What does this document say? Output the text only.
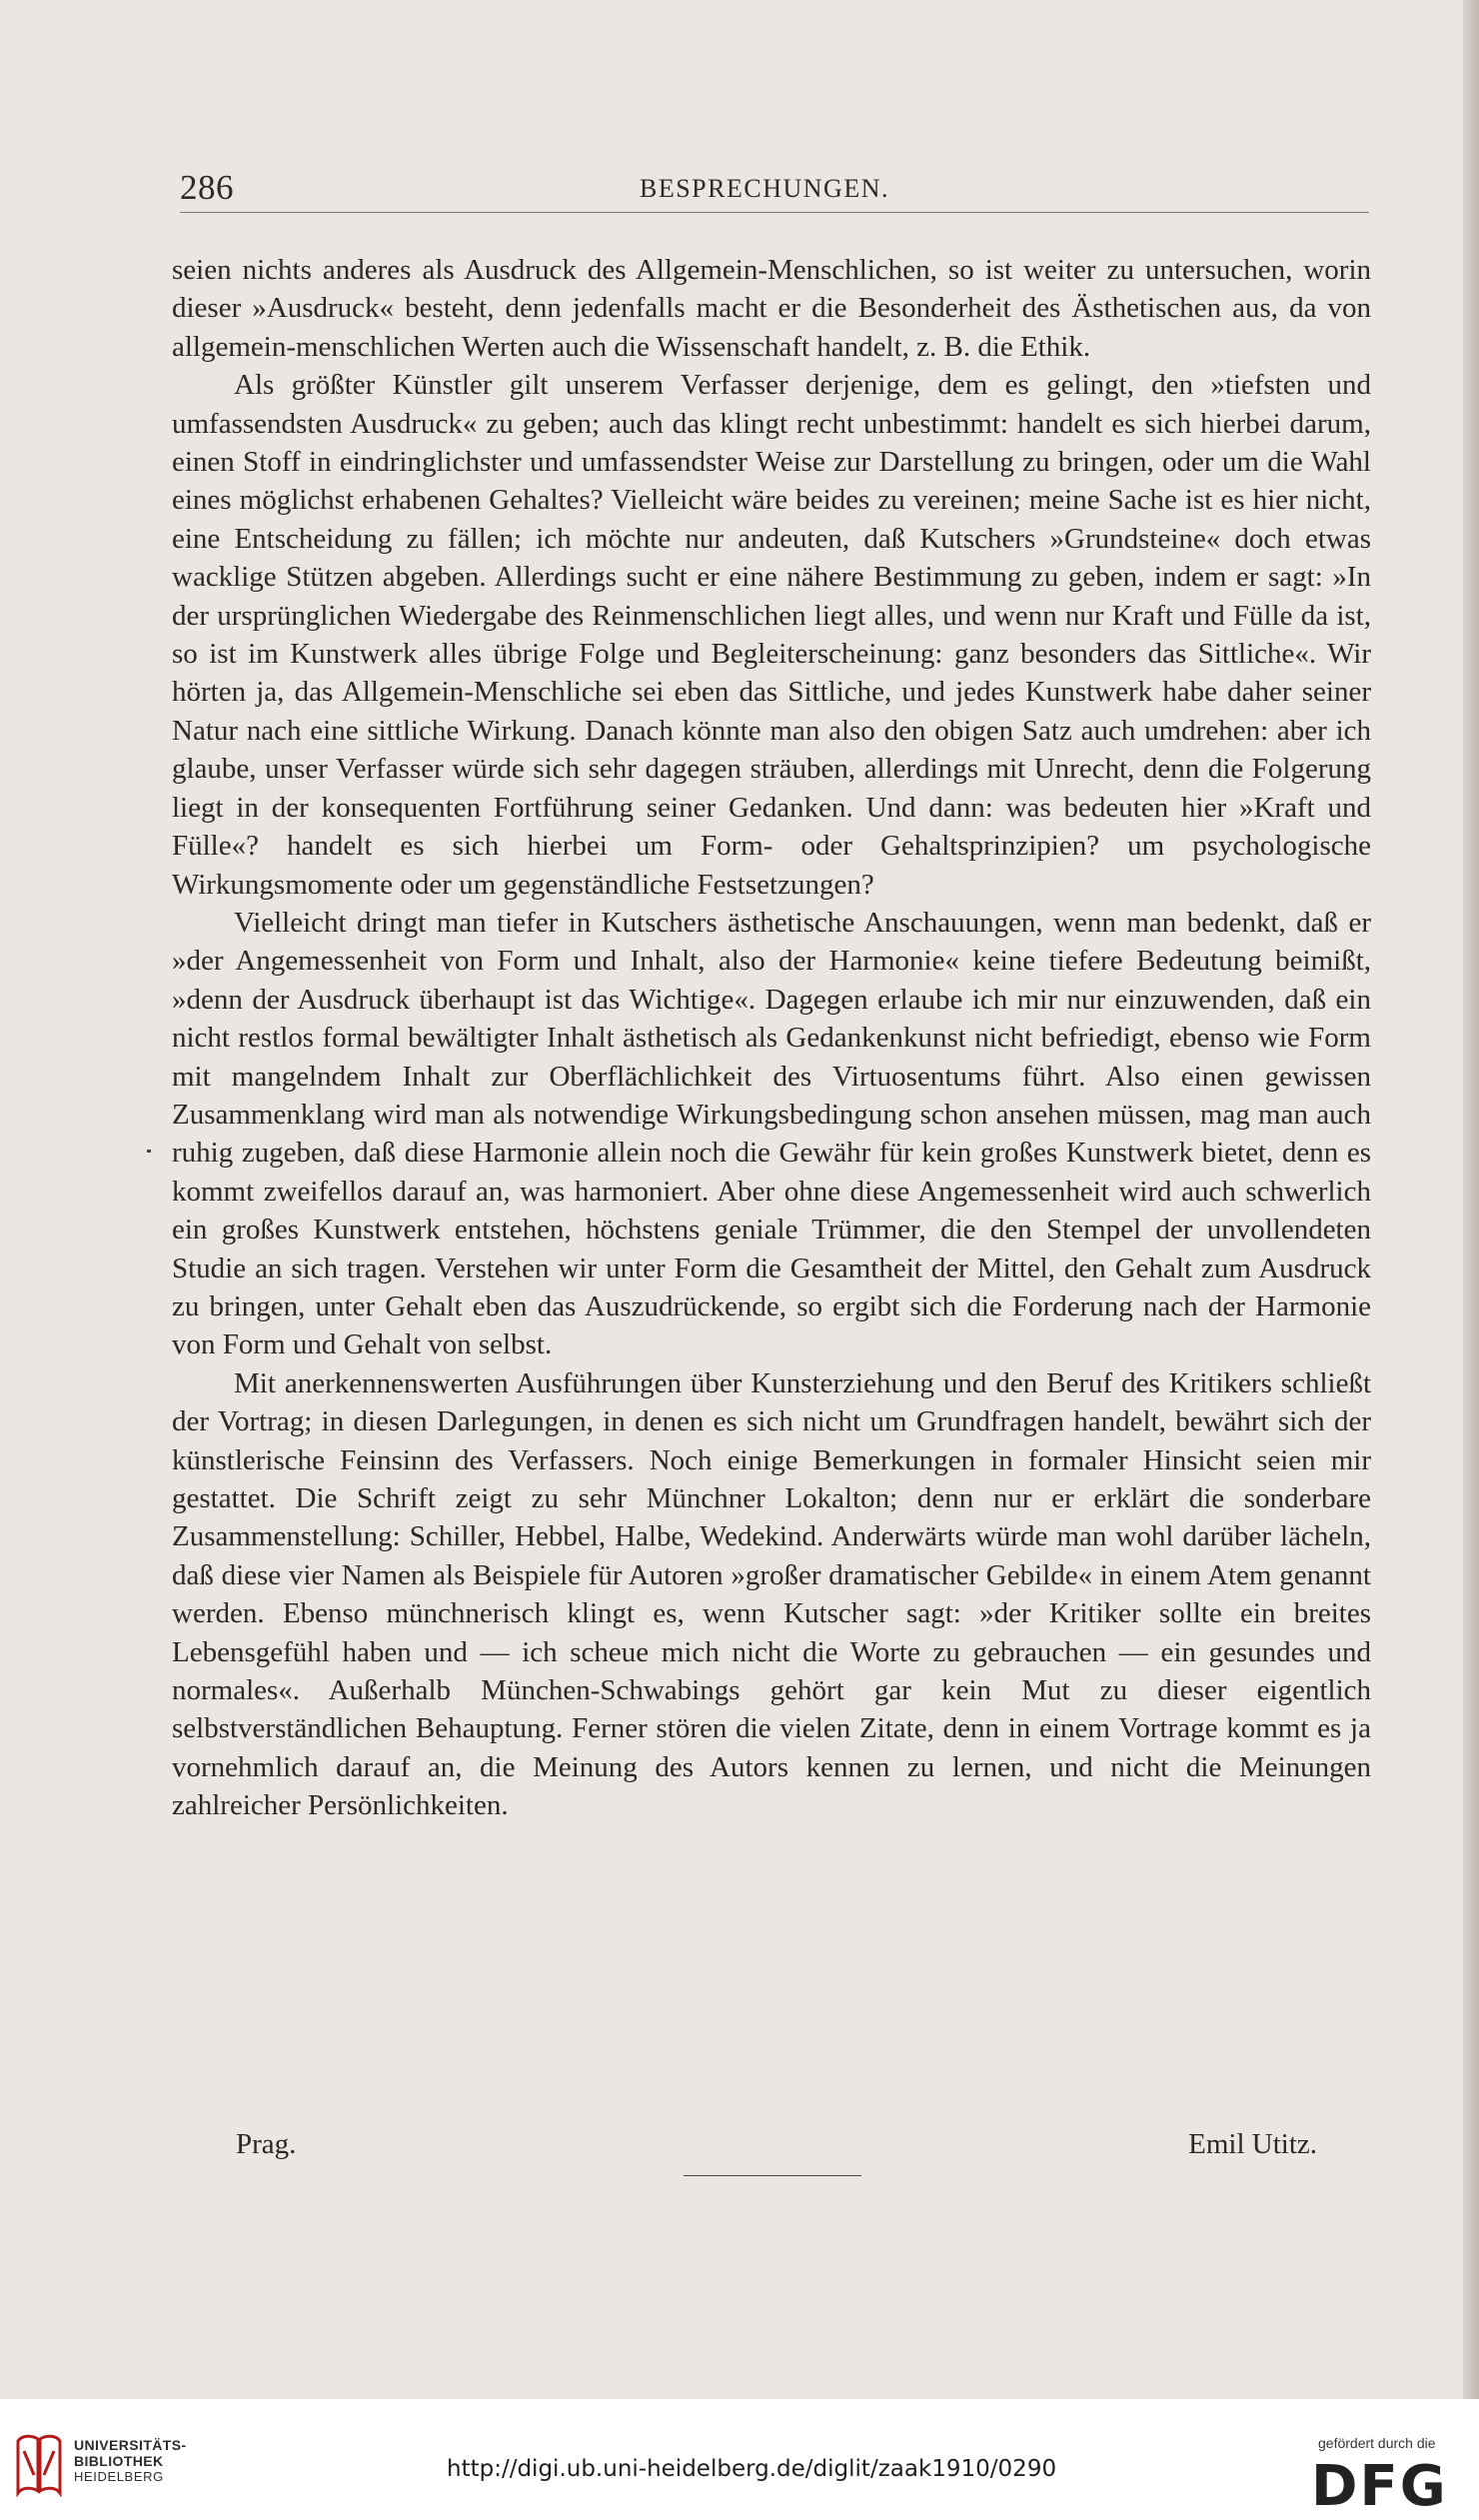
286	BESPRECHUNGEN.

seien nichts anderes als Ausdruck des Allgemein-Menschlichen, so ist weiter zu untersuchen, worin dieser »Ausdruck« besteht, denn jedenfalls macht er die Besonderheit des Ästhetischen aus, da von allgemein-menschlichen Werten auch die Wissenschaft handelt, z. B. die Ethik.

Als größter Künstler gilt unserem Verfasser derjenige, dem es gelingt, den »tiefsten und umfassendsten Ausdruck« zu geben; auch das klingt recht unbestimmt: handelt es sich hierbei darum, einen Stoff in eindringlichster und umfassendster Weise zur Darstellung zu bringen, oder um die Wahl eines möglichst erhabenen Gehaltes? Vielleicht wäre beides zu vereinen; meine Sache ist es hier nicht, eine Entscheidung zu fällen; ich möchte nur andeuten, daß Kutschers »Grundsteine« doch etwas wacklige Stützen abgeben. Allerdings sucht er eine nähere Bestimmung zu geben, indem er sagt: »In der ursprünglichen Wiedergabe des Reinmenschlichen liegt alles, und wenn nur Kraft und Fülle da ist, so ist im Kunstwerk alles übrige Folge und Begleiterscheinung: ganz besonders das Sittliche«. Wir hörten ja, das Allgemein-Menschliche sei eben das Sittliche, und jedes Kunstwerk habe daher seiner Natur nach eine sittliche Wirkung. Danach könnte man also den obigen Satz auch umdrehen: aber ich glaube, unser Verfasser würde sich sehr dagegen sträuben, allerdings mit Unrecht, denn die Folgerung liegt in der konsequenten Fortführung seiner Gedanken. Und dann: was bedeuten hier »Kraft und Fülle«? handelt es sich hierbei um Form- oder Gehaltsprinzipien? um psychologische Wirkungsmomente oder um gegenständliche Festsetzungen?

Vielleicht dringt man tiefer in Kutschers ästhetische Anschauungen, wenn man bedenkt, daß er »der Angemessenheit von Form und Inhalt, also der Harmonie« keine tiefere Bedeutung beimißt, »denn der Ausdruck überhaupt ist das Wichtige«. Dagegen erlaube ich mir nur einzuwenden, daß ein nicht restlos formal bewältigter Inhalt ästhetisch als Gedankenkunst nicht befriedigt, ebenso wie Form mit mangelndem Inhalt zur Oberflächlichkeit des Virtuosentums führt. Also einen gewissen Zusammenklang wird man als notwendige Wirkungsbedingung schon ansehen müssen, mag man auch ruhig zugeben, daß diese Harmonie allein noch die Gewähr für kein großes Kunstwerk bietet, denn es kommt zweifellos darauf an, was harmoniert. Aber ohne diese Angemessenheit wird auch schwerlich ein großes Kunstwerk entstehen, höchstens geniale Trümmer, die den Stempel der unvollendeten Studie an sich tragen. Verstehen wir unter Form die Gesamtheit der Mittel, den Gehalt zum Ausdruck zu bringen, unter Gehalt eben das Auszudrückende, so ergibt sich die Forderung nach der Harmonie von Form und Gehalt von selbst.

Mit anerkennenswerten Ausführungen über Kunsterziehung und den Beruf des Kritikers schließt der Vortrag; in diesen Darlegungen, in denen es sich nicht um Grundfragen handelt, bewährt sich der künstlerische Feinsinn des Verfassers. Noch einige Bemerkungen in formaler Hinsicht seien mir gestattet. Die Schrift zeigt zu sehr Münchner Lokalton; denn nur er erklärt die sonderbare Zusammenstellung: Schiller, Hebbel, Halbe, Wedekind. Anderwärts würde man wohl darüber lächeln, daß diese vier Namen als Beispiele für Autoren »großer dramatischer Gebilde« in einem Atem genannt werden. Ebenso münchnerisch klingt es, wenn Kutscher sagt: »der Kritiker sollte ein breites Lebensgefühl haben und — ich scheue mich nicht die Worte zu gebrauchen — ein gesundes und normales«. Außerhalb München-Schwabings gehört gar kein Mut zu dieser eigentlich selbstverständlichen Behauptung. Ferner stören die vielen Zitate, denn in einem Vortrage kommt es ja vornehmlich darauf an, die Meinung des Autors kennen zu lernen, und nicht die Meinungen zahlreicher Persönlichkeiten.

Prag.	Emil Utitz.
UNIVERSITÄTS-
BIBLIOTHEK
HEIDELBERG	http://digi.ub.uni-heidelberg.de/diglit/zaak1910/0290
gefördert durch die
DFG
